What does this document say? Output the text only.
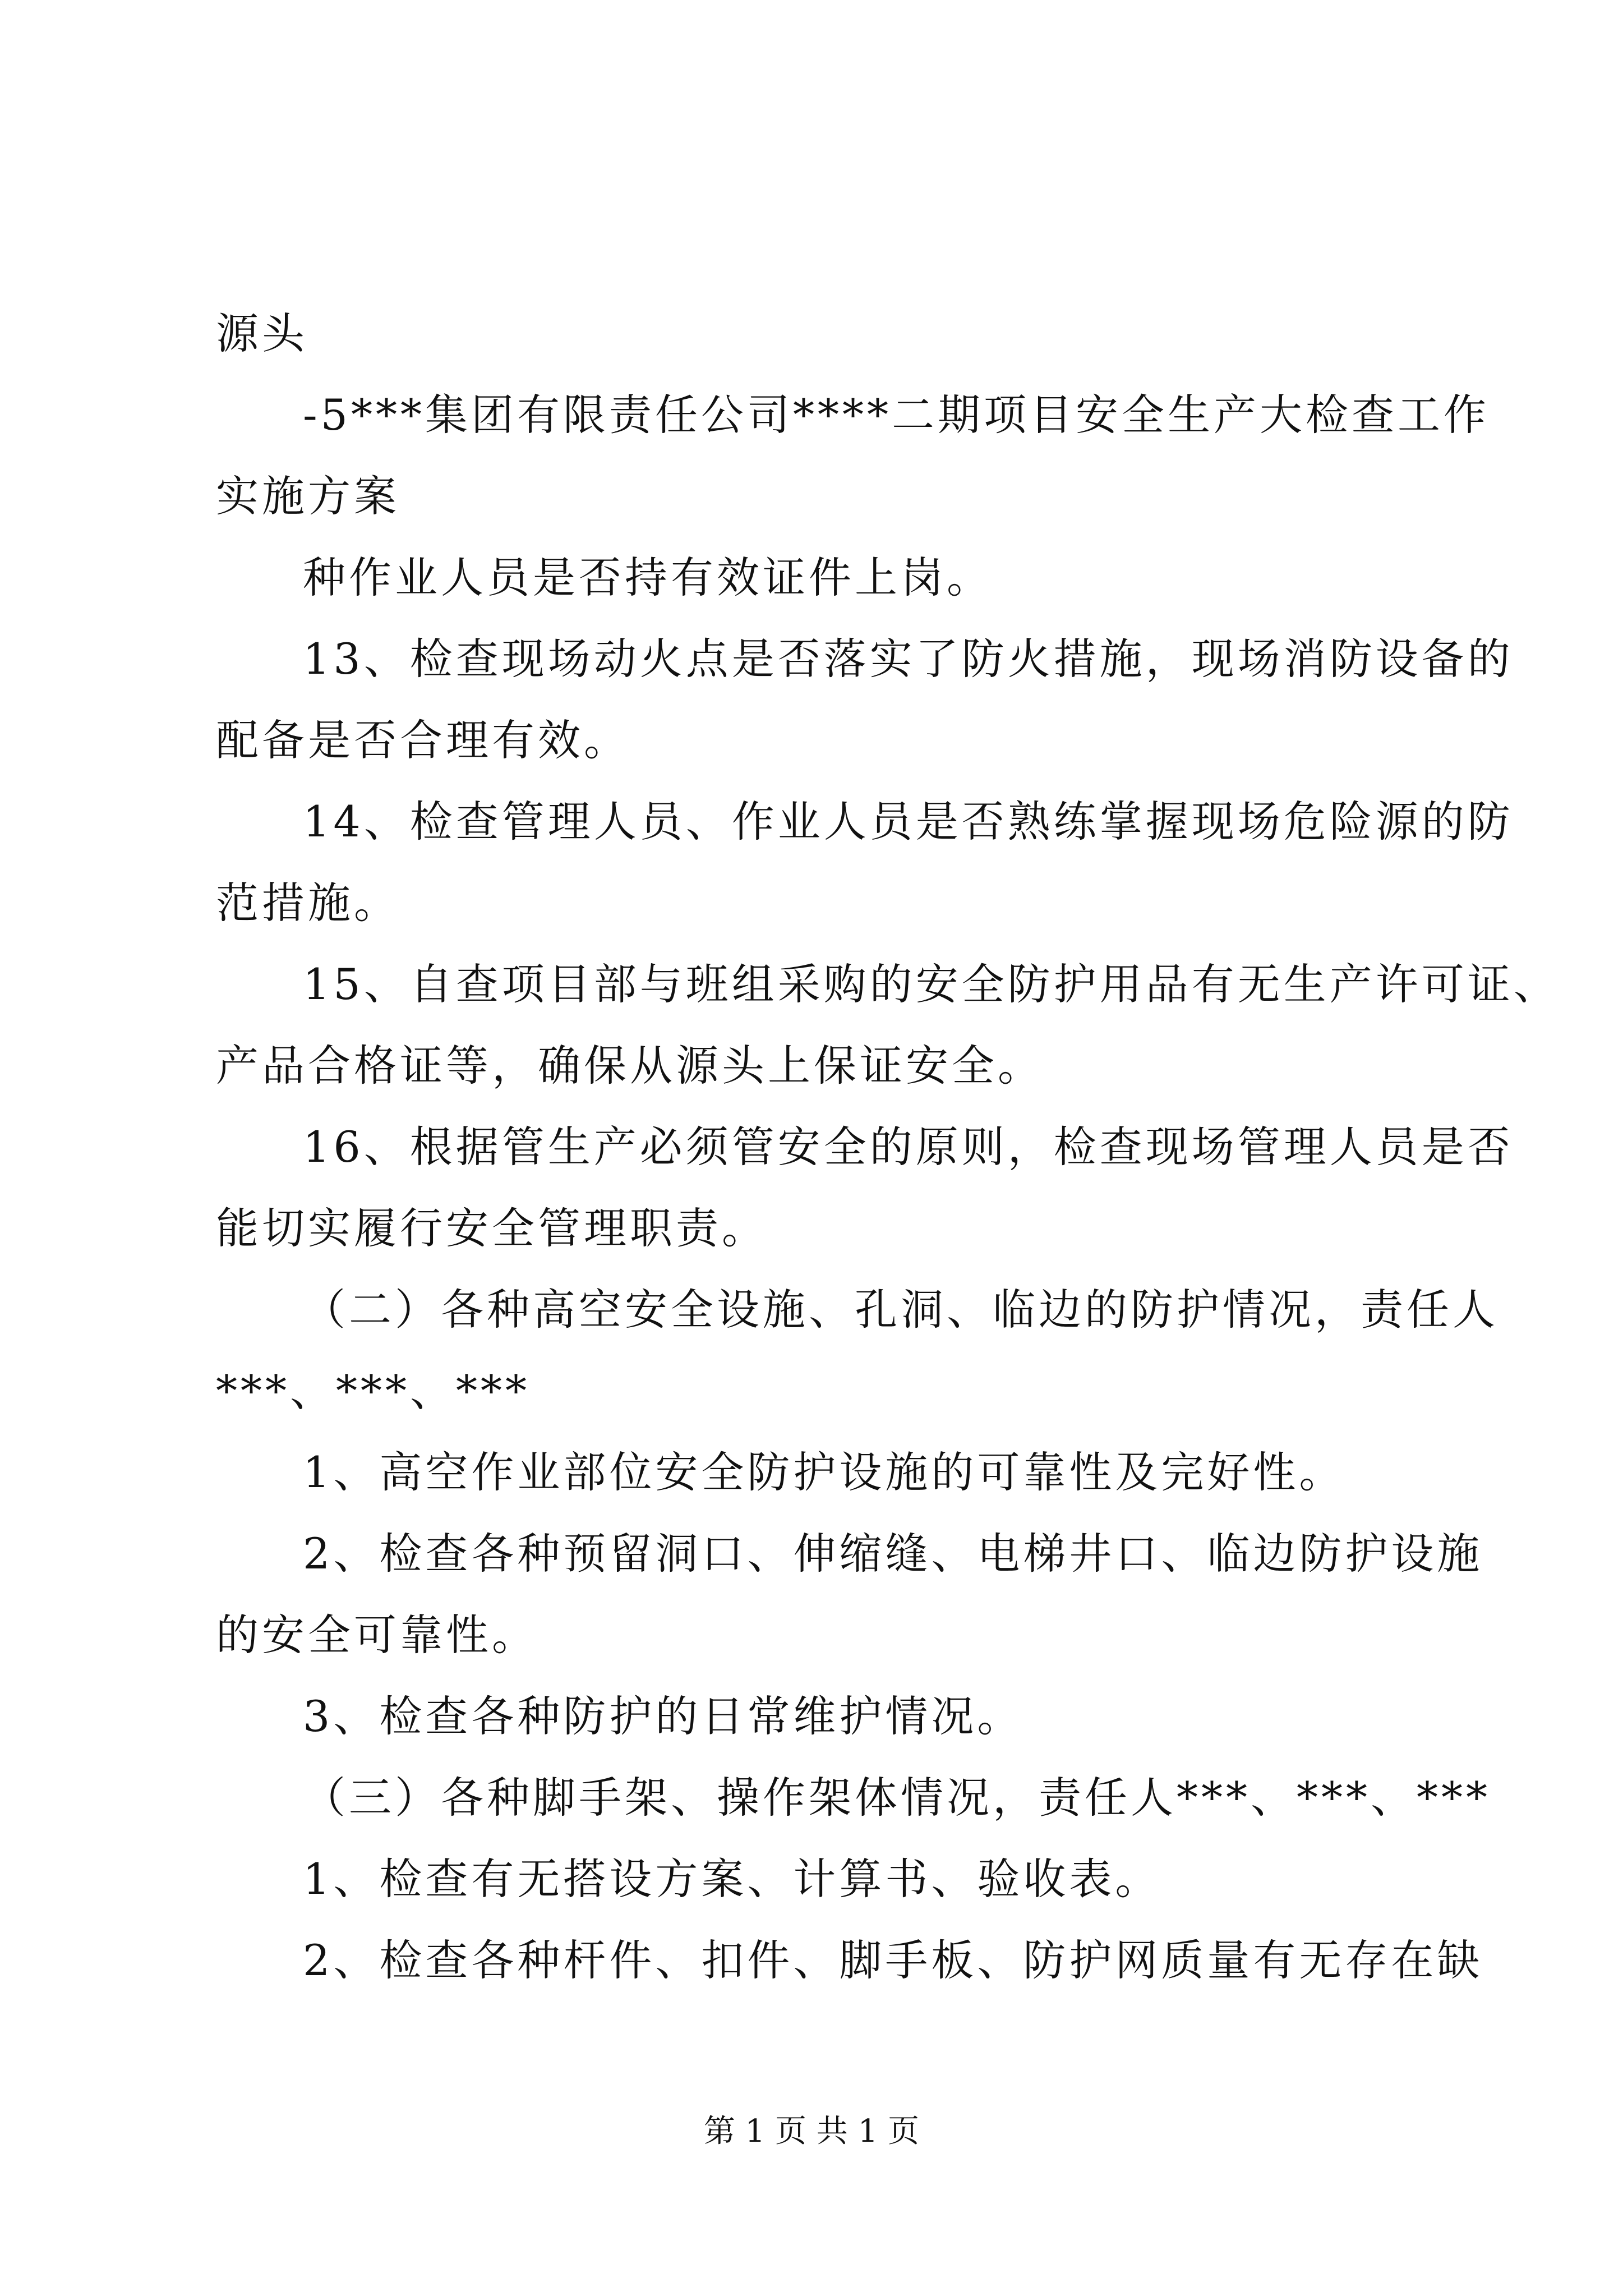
源头
-5***集团有限责任公司****二期项目安全生产大检查工作
实施方案
种作业人员是否持有效证件上岗。
13、检查现场动火点是否落实了防火措施，现场消防设备的
配备是否合理有效。
14、检查管理人员、作业人员是否熟练掌握现场危险源的防
范措施。
15、自查项目部与班组采购的安全防护用品有无生产许可证、
产品合格证等，确保从源头上保证安全。
16、根据管生产必须管安全的原则，检查现场管理人员是否
能切实履行安全管理职责。
（二）各种高空安全设施、孔洞、临边的防护情况，责任人
***、***、***
1、高空作业部位安全防护设施的可靠性及完好性。
2、检查各种预留洞口、伸缩缝、电梯井口、临边防护设施
的安全可靠性。
3、检查各种防护的日常维护情况。
（三）各种脚手架、操作架体情况，责任人***、***、***
1、检查有无搭设方案、计算书、验收表。
2、检查各种杆件、扣件、脚手板、防护网质量有无存在缺
第 1 页 共 1 页
